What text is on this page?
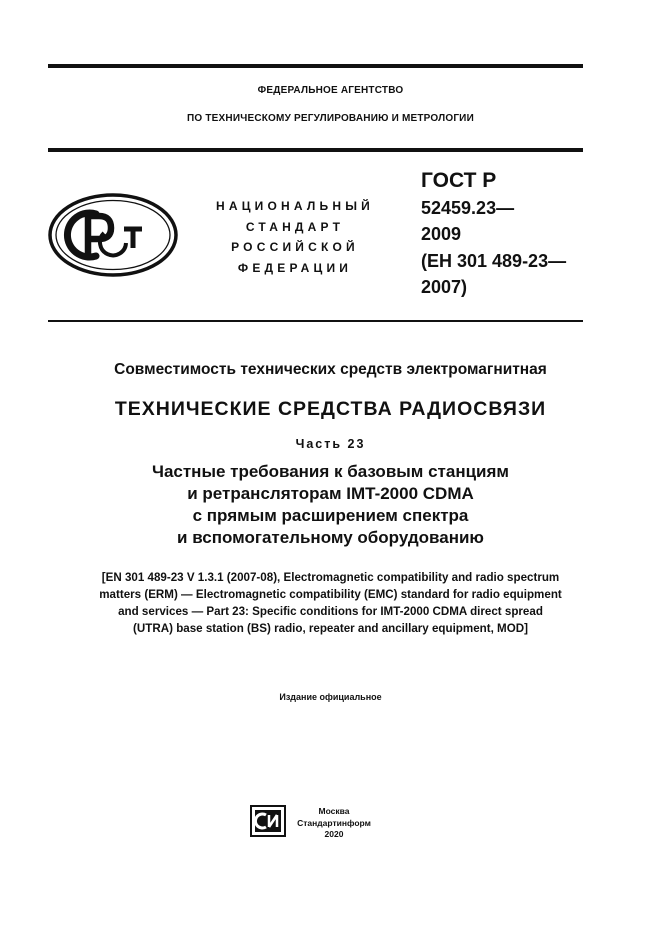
ФЕДЕРАЛЬНОЕ АГЕНТСТВО
ПО ТЕХНИЧЕСКОМУ РЕГУЛИРОВАНИЮ И МЕТРОЛОГИИ
НАЦИОНАЛЬНЫЙ
СТАНДАРТ
РОССИЙСКОЙ
ФЕДЕРАЦИИ
ГОСТ Р
52459.23—
2009
(ЕН 301 489-23—
2007)
Совместимость технических средств электромагнитная
ТЕХНИЧЕСКИЕ СРЕДСТВА РАДИОСВЯЗИ
Часть 23
Частные требования к базовым станциям
и ретрансляторам IMT-2000 CDMA
с прямым расширением спектра
и вспомогательному оборудованию
[EN 301 489-23 V 1.3.1 (2007-08), Electromagnetic compatibility and radio spectrum
matters (ERM) — Electromagnetic compatibility (EMC) standard for radio equipment
and services — Part 23: Specific conditions for IMT-2000 CDMA direct spread
(UTRA) base station (BS) radio, repeater and ancillary equipment, MOD]
Издание официальное
Москва
Стандартинформ
2020
